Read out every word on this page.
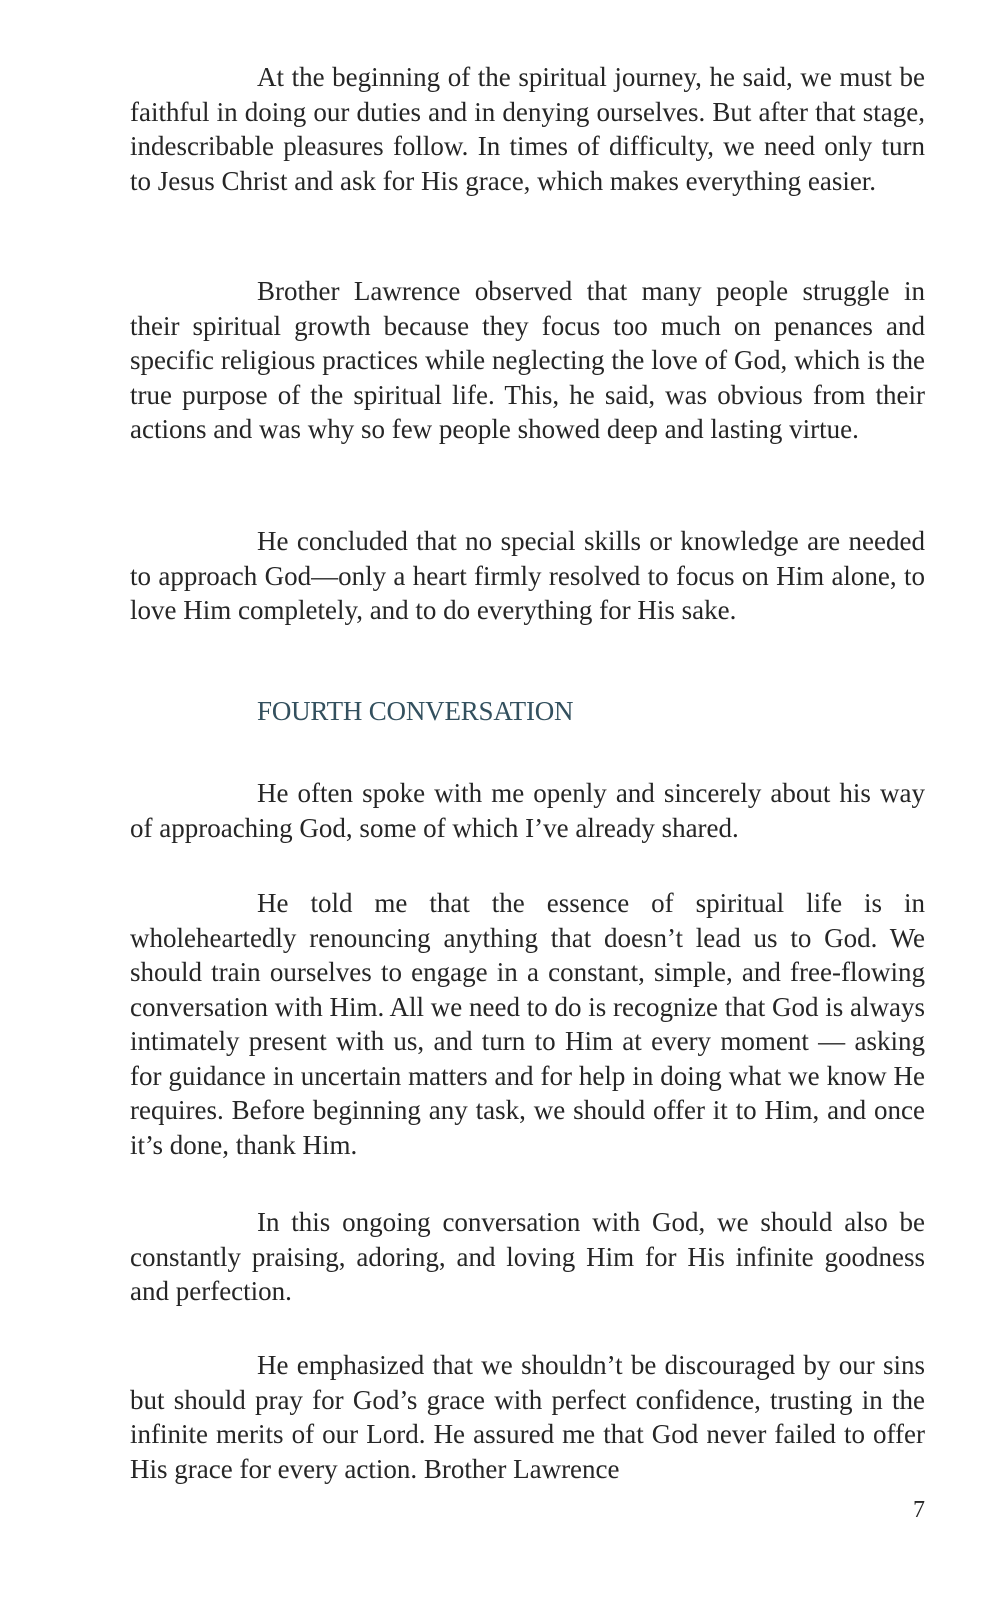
At the beginning of the spiritual journey, he said, we must be faithful in doing our duties and in denying ourselves. But after that stage, indescribable pleasures follow. In times of difficulty, we need only turn to Jesus Christ and ask for His grace, which makes everything easier.

Brother Lawrence observed that many people struggle in their spiritual growth because they focus too much on penances and specific religious practices while neglecting the love of God, which is the true purpose of the spiritual life. This, he said, was obvious from their actions and was why so few people showed deep and lasting virtue.

He concluded that no special skills or knowledge are needed to approach God—only a heart firmly resolved to focus on Him alone, to love Him completely, and to do everything for His sake.

FOURTH CONVERSATION

He often spoke with me openly and sincerely about his way of approaching God, some of which I’ve already shared.

He told me that the essence of spiritual life is in wholeheartedly renouncing anything that doesn’t lead us to God. We should train ourselves to engage in a constant, simple, and free-flowing conversation with Him. All we need to do is recognize that God is always intimately present with us, and turn to Him at every moment — asking for guidance in uncertain matters and for help in doing what we know He requires. Before beginning any task, we should offer it to Him, and once it’s done, thank Him.

In this ongoing conversation with God, we should also be constantly praising, adoring, and loving Him for His infinite goodness and perfection.

He emphasized that we shouldn’t be discouraged by our sins but should pray for God’s grace with perfect confidence, trusting in the infinite merits of our Lord. He assured me that God never failed to offer His grace for every action. Brother Lawrence

7
